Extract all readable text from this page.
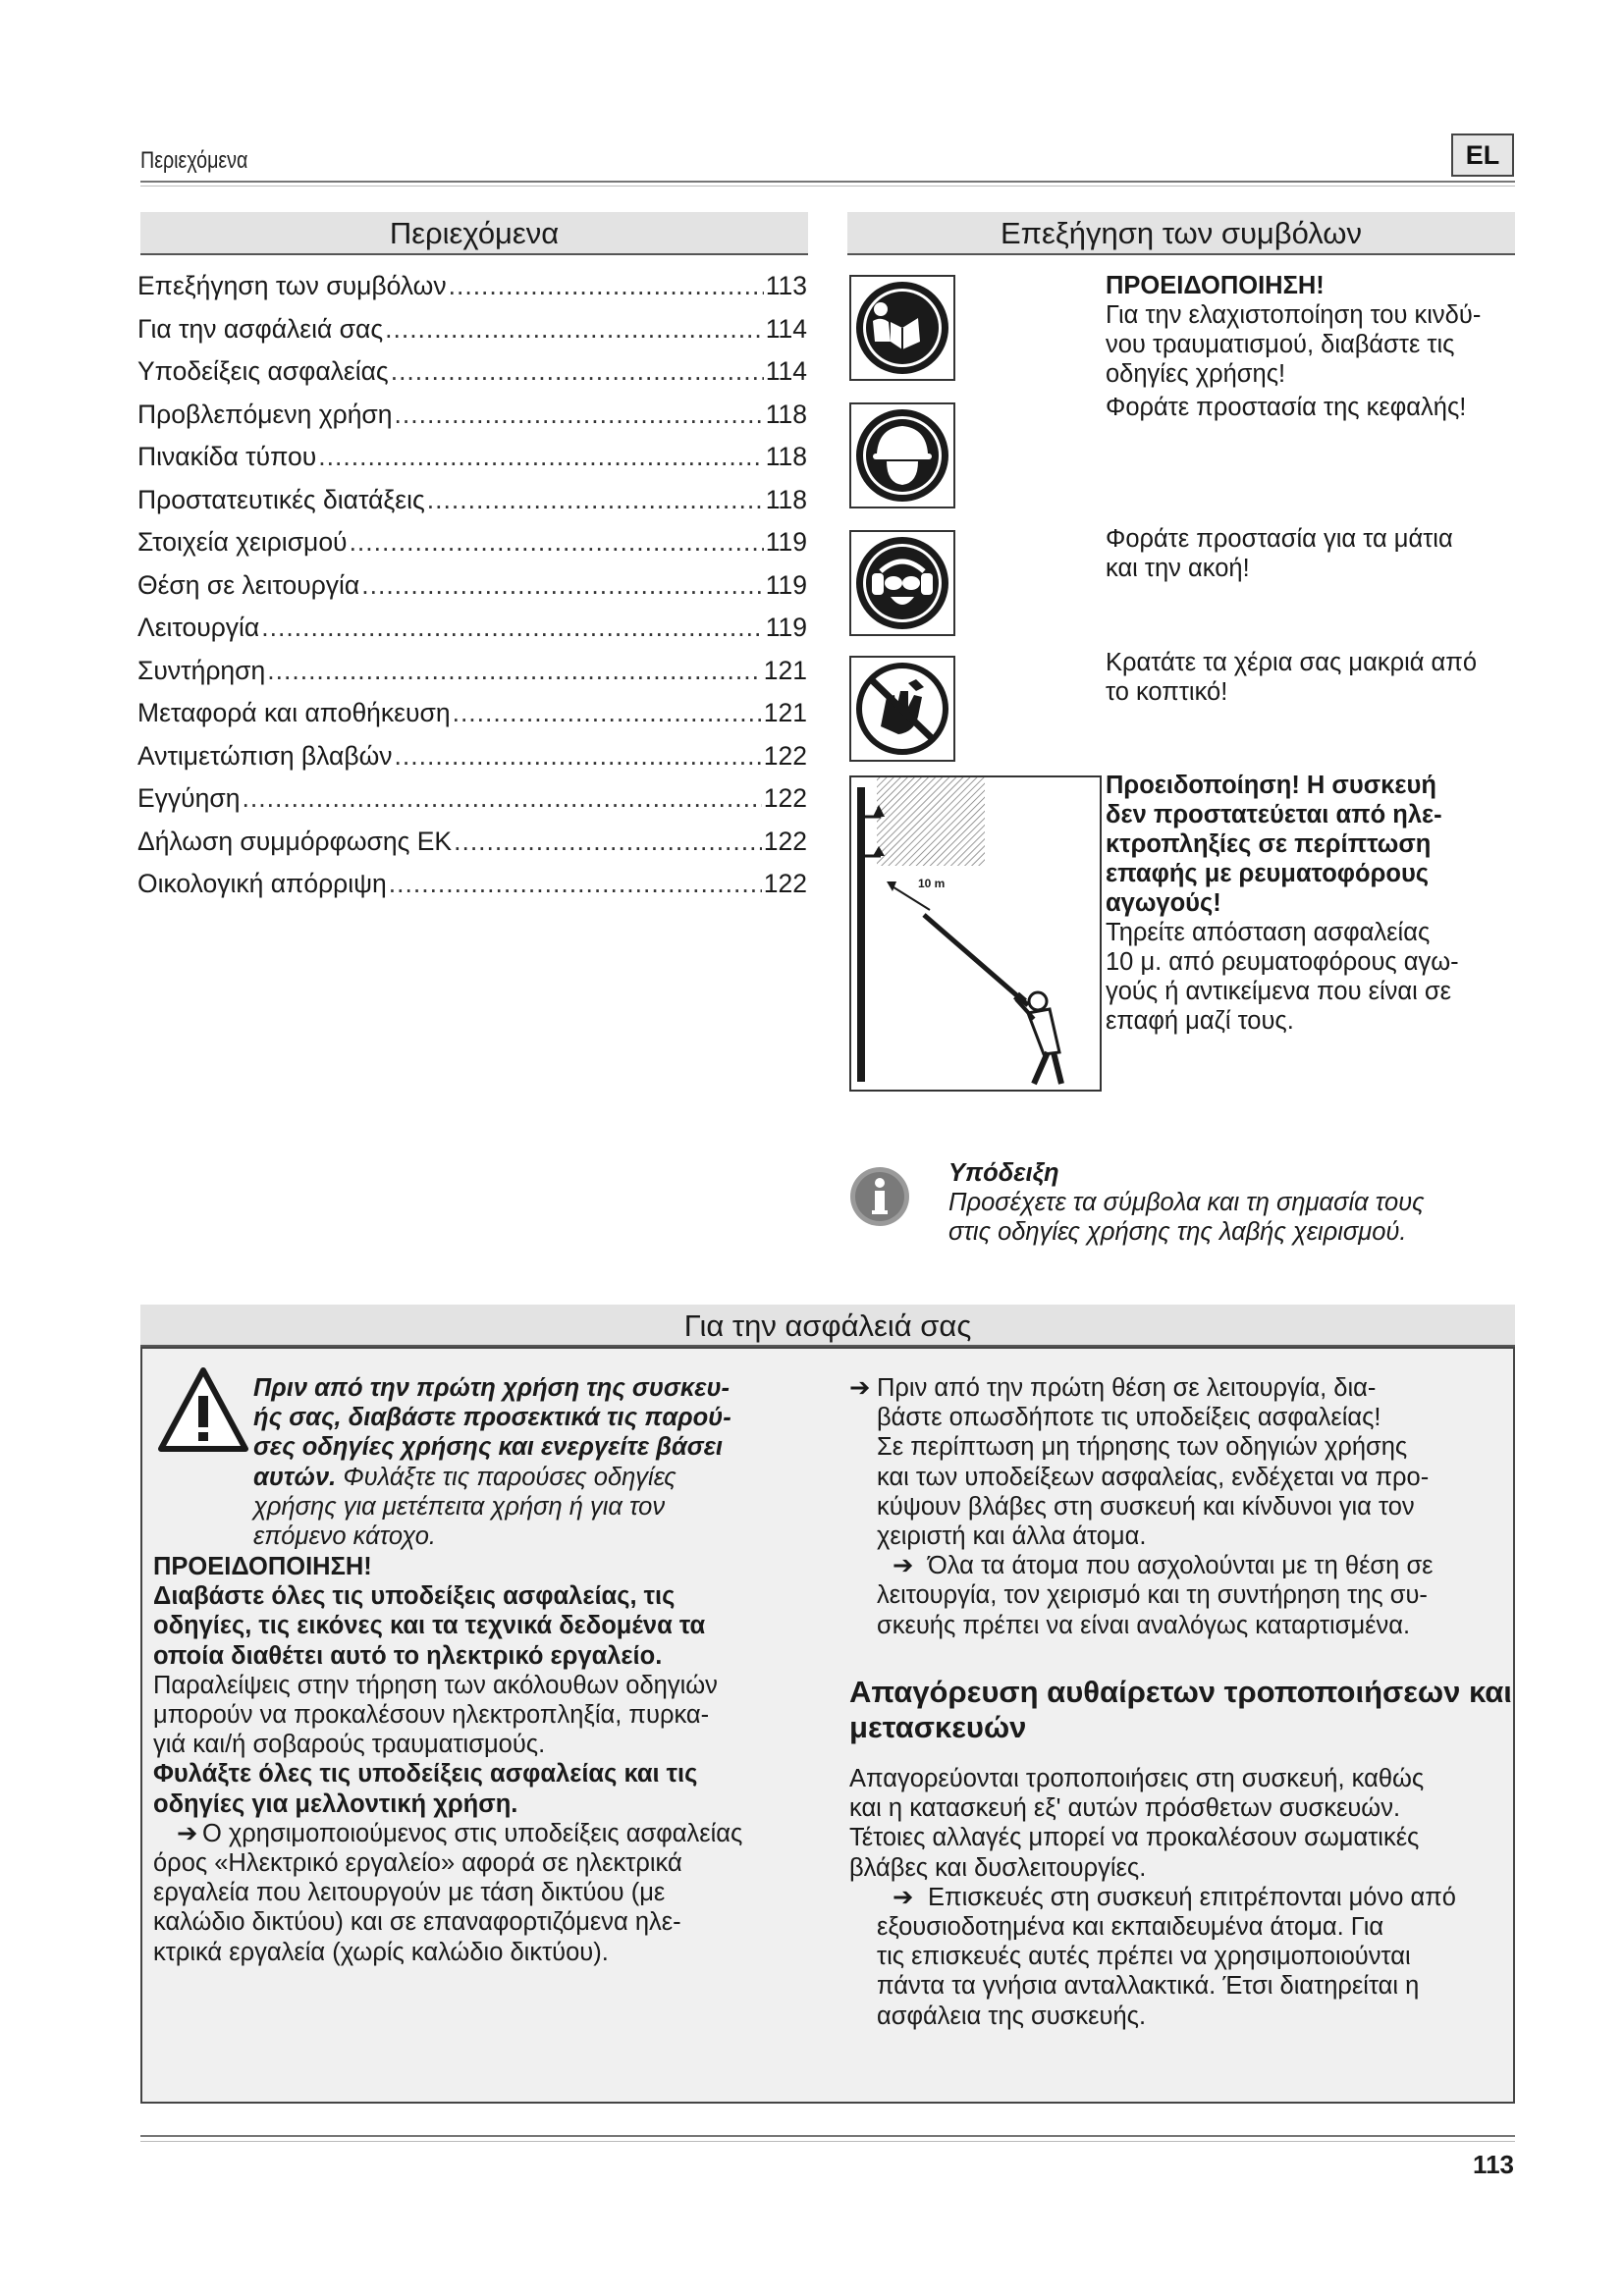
Περιεχόμενα	EL
Περιεχόμενα
Επεξήγηση των συμβόλων .....	113
Για την ασφάλειά σας .....	114
Υποδείξεις ασφαλείας .....	114
Προβλεπόμενη χρήση .....	118
Πινακίδα τύπου .....	118
Προστατευτικές διατάξεις .....	118
Στοιχεία χειρισμού .....	119
Θέση σε λειτουργία .....	119
Λειτουργία .....	119
Συντήρηση .....	121
Μεταφορά και αποθήκευση .....	121
Αντιμετώπιση βλαβών .....	122
Εγγύηση .....	122
Δήλωση συμμόρφωσης ΕΚ .....	122
Οικολογική απόρριψη .....	122
Επεξήγηση των συμβόλων

ΠΡΟΕΙΔΟΠΟΙΗΣΗ!

Για την ελαχιστοποίηση του κινδύ-

νου τραυματισμού, διαβάστε τις

οδηγίες χρήσης!

Φοράτε προστασία της κεφαλής!

Φοράτε προστασία για τα μάτια

και την ακοή!

Κρατάτε τα χέρια σας μακριά από

το κοπτικό!

10 m

Προειδοποίηση! Η συσκευή

δεν προστατεύεται από ηλε-

κτροπληξίες σε περίπτωση

επαφής με ρευματοφόρους

αγωγούς!

Τηρείτε απόσταση ασφαλείας

10 μ. από ρευματοφόρους αγω-

γούς ή αντικείμενα που είναι σε

επαφή μαζί τους.

Υπόδειξη

Προσέχετε τα σύμβολα και τη σημασία τους

στις οδηγίες χρήσης της λαβής χειρισμού.

Για την ασφάλειά σας

Πριν από την πρώτη χρήση της συσκευ-

ής σας, διαβάστε προσεκτικά τις παρού-

σες οδηγίες χρήσης και ενεργείτε βάσει

αυτών. Φυλάξτε τις παρούσες οδηγίες

χρήσης για μετέπειτα χρήση ή για τον

επόμενο κάτοχο.

ΠΡΟΕΙΔΟΠΟΙΗΣΗ!

Διαβάστε όλες τις υποδείξεις ασφαλείας, τις

οδηγίες, τις εικόνες και τα τεχνικά δεδομένα τα

οποία διαθέτει αυτό το ηλεκτρικό εργαλείο.

Παραλείψεις στην τήρηση των ακόλουθων οδηγιών

μπορούν να προκαλέσουν ηλεκτροπληξία, πυρκα-

γιά και/ή σοβαρούς τραυματισμούς.

Φυλάξτε όλες τις υποδείξεις ασφαλείας και τις

οδηγίες για μελλοντική χρήση.

➔ Ο χρησιμοποιούμενος στις υποδείξεις ασφαλείας

όρος «Ηλεκτρικό εργαλείο» αφορά σε ηλεκτρικά

εργαλεία που λειτουργούν με τάση δικτύου (με

καλώδιο δικτύου) και σε επαναφορτιζόμενα ηλε-

κτρικά εργαλεία (χωρίς καλώδιο δικτύου).

➔ Πριν από την πρώτη θέση σε λειτουργία, δια-

βάστε οπωσδήποτε τις υποδείξεις ασφαλείας!

Σε περίπτωση μη τήρησης των οδηγιών χρήσης

και των υποδείξεων ασφαλείας, ενδέχεται να προ-

κύψουν βλάβες στη συσκευή και κίνδυνοι για τον

χειριστή και άλλα άτομα.

➔ Όλα τα άτομα που ασχολούνται με τη θέση σε

λειτουργία, τον χειρισμό και τη συντήρηση της συ-

σκευής πρέπει να είναι αναλόγως καταρτισμένα.

Απαγόρευση αυθαίρετων τροποποιήσεων και
μετασκευών

Απαγορεύονται τροποποιήσεις στη συσκευή, καθώς

και η κατασκευή εξ' αυτών πρόσθετων συσκευών.

Τέτοιες αλλαγές μπορεί να προκαλέσουν σωματικές

βλάβες και δυσλειτουργίες.

➔ Επισκευές στη συσκευή επιτρέπονται μόνο από

εξουσιοδοτημένα και εκπαιδευμένα άτομα. Για

τις επισκευές αυτές πρέπει να χρησιμοποιούνται

πάντα τα γνήσια ανταλλακτικά. Έτσι διατηρείται η

ασφάλεια της συσκευής.

113
